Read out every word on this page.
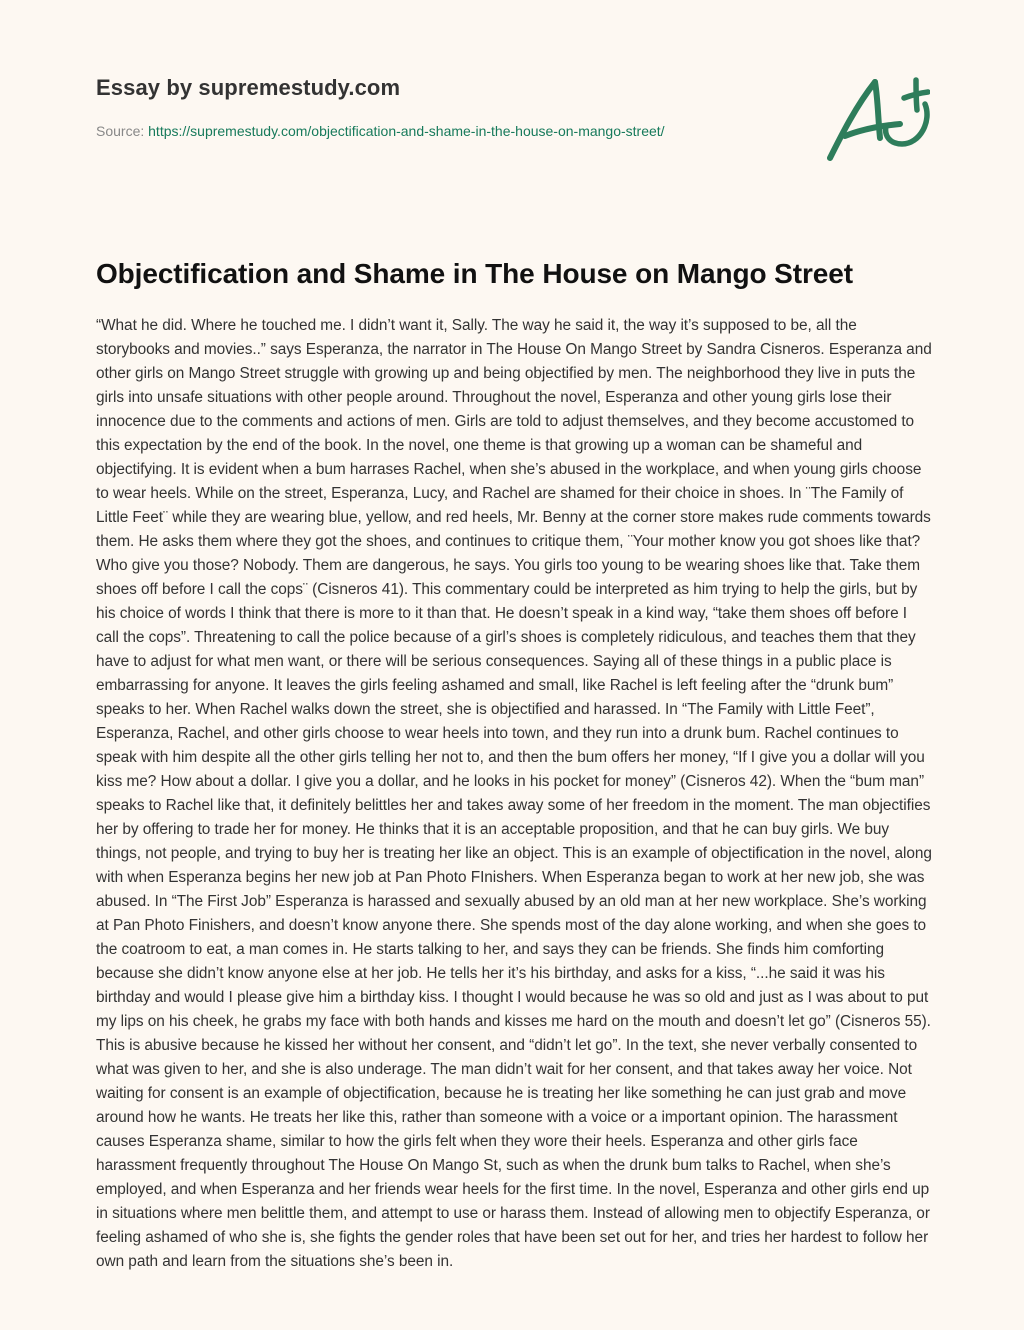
Essay by supremestudy.com
Source: https://supremestudy.com/objectification-and-shame-in-the-house-on-mango-street/
Objectification and Shame in The House on Mango Street
“What he did. Where he touched me. I didn’t want it, Sally. The way he said it, the way it’s supposed to be, all the storybooks and movies..” says Esperanza, the narrator in The House On Mango Street by Sandra Cisneros. Esperanza and other girls on Mango Street struggle with growing up and being objectified by men. The neighborhood they live in puts the girls into unsafe situations with other people around. Throughout the novel, Esperanza and other young girls lose their innocence due to the comments and actions of men. Girls are told to adjust themselves, and they become accustomed to this expectation by the end of the book. In the novel, one theme is that growing up a woman can be shameful and objectifying. It is evident when a bum harrases Rachel, when she’s abused in the workplace, and when young girls choose to wear heels. While on the street, Esperanza, Lucy, and Rachel are shamed for their choice in shoes. In ¨The Family of Little Feet¨ while they are wearing blue, yellow, and red heels, Mr. Benny at the corner store makes rude comments towards them. He asks them where they got the shoes, and continues to critique them, ¨Your mother know you got shoes like that? Who give you those? Nobody. Them are dangerous, he says. You girls too young to be wearing shoes like that. Take them shoes off before I call the cops¨ (Cisneros 41). This commentary could be interpreted as him trying to help the girls, but by his choice of words I think that there is more to it than that. He doesn’t speak in a kind way, “take them shoes off before I call the cops”. Threatening to call the police because of a girl’s shoes is completely ridiculous, and teaches them that they have to adjust for what men want, or there will be serious consequences. Saying all of these things in a public place is embarrassing for anyone. It leaves the girls feeling ashamed and small, like Rachel is left feeling after the “drunk bum” speaks to her. When Rachel walks down the street, she is objectified and harassed. In “The Family with Little Feet”, Esperanza, Rachel, and other girls choose to wear heels into town, and they run into a drunk bum. Rachel continues to speak with him despite all the other girls telling her not to, and then the bum offers her money, “If I give you a dollar will you kiss me? How about a dollar. I give you a dollar, and he looks in his pocket for money” (Cisneros 42). When the “bum man” speaks to Rachel like that, it definitely belittles her and takes away some of her freedom in the moment. The man objectifies her by offering to trade her for money. He thinks that it is an acceptable proposition, and that he can buy girls. We buy things, not people, and trying to buy her is treating her like an object. This is an example of objectification in the novel, along with when Esperanza begins her new job at Pan Photo FInishers. When Esperanza began to work at her new job, she was abused. In “The First Job” Esperanza is harassed and sexually abused by an old man at her new workplace. She’s working at Pan Photo Finishers, and doesn’t know anyone there. She spends most of the day alone working, and when she goes to the coatroom to eat, a man comes in. He starts talking to her, and says they can be friends. She finds him comforting because she didn’t know anyone else at her job. He tells her it’s his birthday, and asks for a kiss, “...he said it was his birthday and would I please give him a birthday kiss. I thought I would because he was so old and just as I was about to put my lips on his cheek, he grabs my face with both hands and kisses me hard on the mouth and doesn’t let go” (Cisneros 55). This is abusive because he kissed her without her consent, and “didn’t let go”. In the text, she never verbally consented to what was given to her, and she is also underage. The man didn’t wait for her consent, and that takes away her voice. Not waiting for consent is an example of objectification, because he is treating her like something he can just grab and move around how he wants. He treats her like this, rather than someone with a voice or a important opinion. The harassment causes Esperanza shame, similar to how the girls felt when they wore their heels. Esperanza and other girls face harassment frequently throughout The House On Mango St, such as when the drunk bum talks to Rachel, when she’s employed, and when Esperanza and her friends wear heels for the first time. In the novel, Esperanza and other girls end up in situations where men belittle them, and attempt to use or harass them. Instead of allowing men to objectify Esperanza, or feeling ashamed of who she is, she fights the gender roles that have been set out for her, and tries her hardest to follow her own path and learn from the situations she’s been in.
